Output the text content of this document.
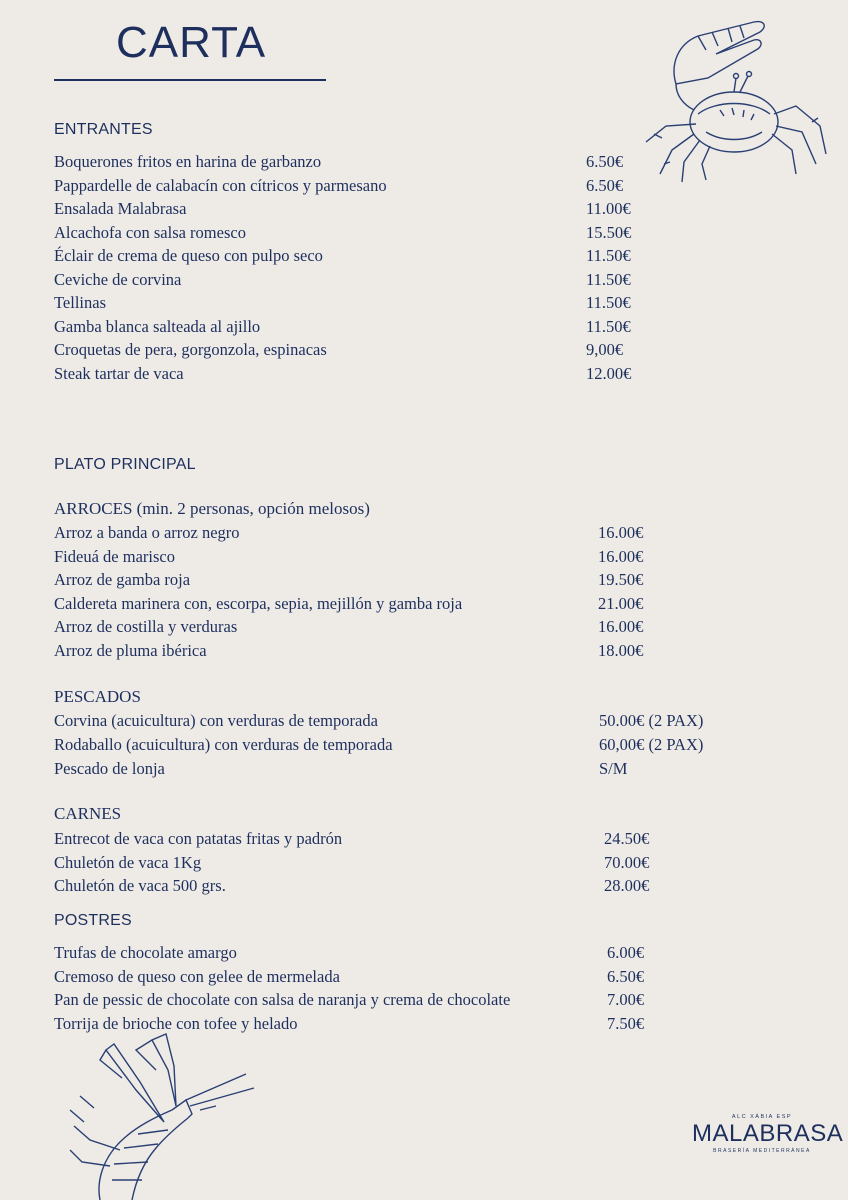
CARTA
ENTRANTES
Boquerones fritos en harina de garbanzo	6.50€
Pappardelle de calabacín con cítricos y parmesano	6.50€
Ensalada Malabrasa	11.00€
Alcachofa con salsa romesco	15.50€
Éclair de crema de queso con pulpo seco	11.50€
Ceviche de corvina	11.50€
Tellinas	11.50€
Gamba blanca salteada al ajillo	11.50€
Croquetas de pera, gorgonzola, espinacas	9,00€
Steak tartar de vaca	12.00€
PLATO PRINCIPAL
ARROCES (min. 2 personas, opción melosos)
Arroz a banda o arroz negro	16.00€
Fideuá de marisco	16.00€
Arroz de gamba roja	19.50€
Caldereta marinera con, escorpa, sepia, mejillón y gamba roja	21.00€
Arroz de costilla y verduras	16.00€
Arroz de pluma ibérica	18.00€
PESCADOS
Corvina (acuicultura) con verduras de temporada	50.00€ (2 PAX)
Rodaballo (acuicultura) con verduras de temporada	60,00€ (2 PAX)
Pescado de lonja	S/M
CARNES
Entrecot de vaca con patatas fritas y padrón	24.50€
Chuletón de vaca 1Kg	70.00€
Chuletón de vaca 500 grs.	28.00€
POSTRES
Trufas de chocolate amargo	6.00€
Cremoso de queso con gelee de mermelada	6.50€
Pan de pessic de chocolate con salsa de naranja y crema de chocolate	7.00€
Torrija de brioche con tofee y helado	7.50€
ALC XÀBIA ESP
MALABRASA
BRASERÍA MEDITERRÁNEA
